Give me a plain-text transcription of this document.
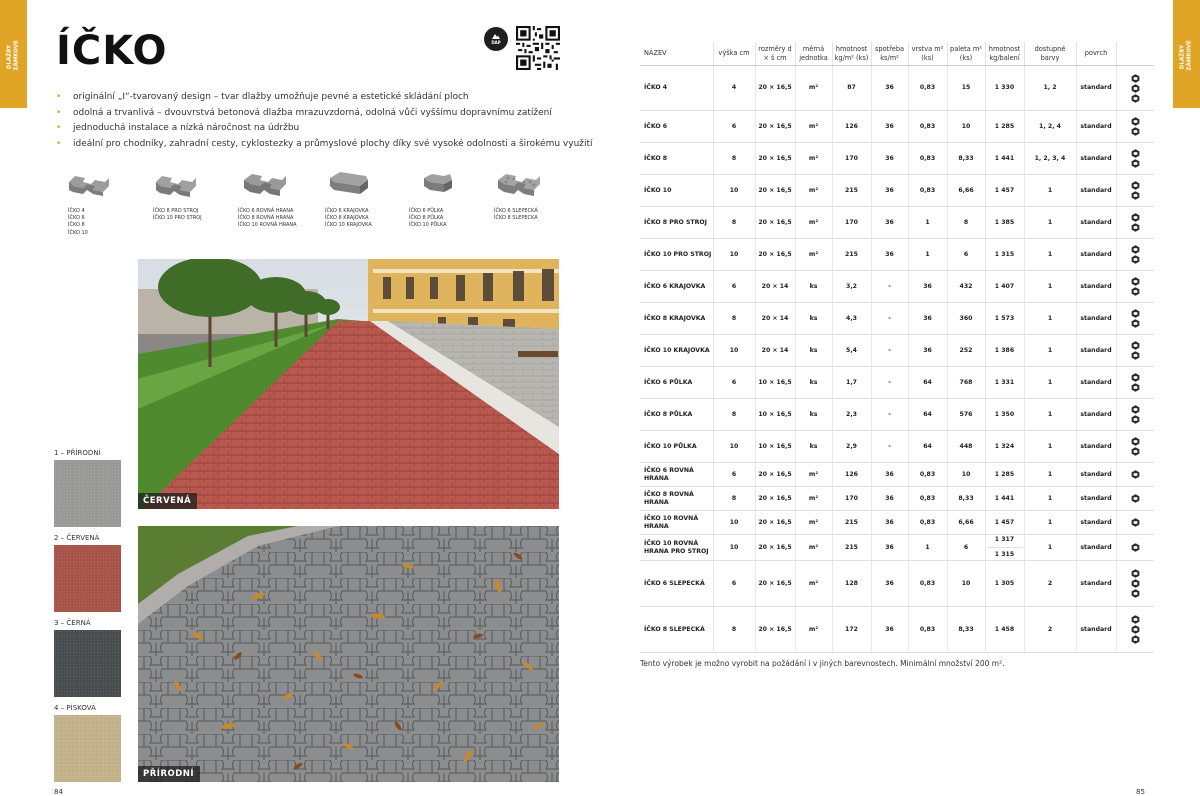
DLAŽBY
ZÁMKOVÉ	DLAŽBY
ZÁMKOVÉ
ÍČKO	DAP
• originální „I“-tvarovaný design – tvar dlažby umožňuje pevné a estetické skládání ploch
• odolná a trvanlivá – dvouvrstvá betonová dlažba mrazuvzdorná, odolná vůči vyššímu dopravnímu zatížení
• jednoduchá instalace a nízká náročnost na údržbu
• ideální pro chodníky, zahradní cesty, cyklostezky a průmyslové plochy díky své vysoké odolnosti a širokému využití
ÍČKO 4
ÍČKO 6
ÍČKO 8
ÍČKO 10
ÍČKO 8 PRO STROJ
ÍČKO 10 PRO STROJ
ÍČKO 6 ROVNÁ HRANA
ÍČKO 8 ROVNÁ HRANA
ÍČKO 10 ROVNÁ HRANA
ÍČKO 6 KRAJOVKA
ÍČKO 8 KRAJOVKA
ÍČKO 10 KRAJOVKA
ÍČKO 6 PŮLKA
ÍČKO 8 PŮLKA
ÍČKO 10 PŮLKA
ÍČKO 6 SLEPECKÁ
ÍČKO 8 SLEPECKÁ
ČERVENÁ
PŘÍRODNÍ
1 – PŘÍRODNÍ
2 – ČERVENÁ
3 – ČERNÁ
4 – PÍSKOVÁ
84	85
NÁZEV	výška cm	rozměry d × š cm	měrná jednotka	hmotnost kg/m² (ks)	spotřeba ks/m²	vrstva m² (ks)	paleta m² (ks)	hmotnost kg/balení	dostupné barvy	povrch	
ÍČKO 4	4	20 × 16,5	m²	87	36	0,83	15	1 330	1, 2	standard	

ÍČKO 6	6	20 × 16,5	m²	126	36	0,83	10	1 285	1, 2, 4	standard	

ÍČKO 8	8	20 × 16,5	m²	170	36	0,83	8,33	1 441	1, 2, 3, 4	standard	

ÍČKO 10	10	20 × 16,5	m²	215	36	0,83	6,66	1 457	1	standard	

ÍČKO 8 PRO STROJ	8	20 × 16,5	m²	170	36	1	8	1 385	1	standard	

ÍČKO 10 PRO STROJ	10	20 × 16,5	m²	215	36	1	6	1 315	1	standard	

ÍČKO 6 KRAJOVKA	6	20 × 14	ks	3,2	-	36	432	1 407	1	standard	

ÍČKO 8 KRAJOVKA	8	20 × 14	ks	4,3	-	36	360	1 573	1	standard	

ÍČKO 10 KRAJOVKA	10	20 × 14	ks	5,4	-	36	252	1 386	1	standard	

ÍČKO 6 PŮLKA	6	10 × 16,5	ks	1,7	-	64	768	1 331	1	standard	

ÍČKO 8 PŮLKA	8	10 × 16,5	ks	2,3	-	64	576	1 350	1	standard	

ÍČKO 10 PŮLKA	10	10 × 16,5	ks	2,9	-	64	448	1 324	1	standard	

ÍČKO 6 ROVNÁ HRANA	6	20 × 16,5	m²	126	36	0,83	10	1 285	1	standard	

ÍČKO 8 ROVNÁ HRANA	8	20 × 16,5	m²	170	36	0,83	8,33	1 441	1	standard	

ÍČKO 10 ROVNÁ HRANA	10	20 × 16,5	m²	215	36	0,83	6,66	1 457	1	standard	

ÍČKO 10 ROVNÁ HRANA PRO STROJ	10	20 × 16,5	m²	215	36	1	6	1 317
1 315	1	standard	

ÍČKO 6 SLEPECKÁ	6	20 × 16,5	m²	128	36	0,83	10	1 305	2	standard	

ÍČKO 8 SLEPECKÁ	8	20 × 16,5	m²	172	36	0,83	8,33	1 458	2	standard	
Tento výrobek je možno vyrobit na požádání i v jiných barevnostech. Minimální množství 200 m².
